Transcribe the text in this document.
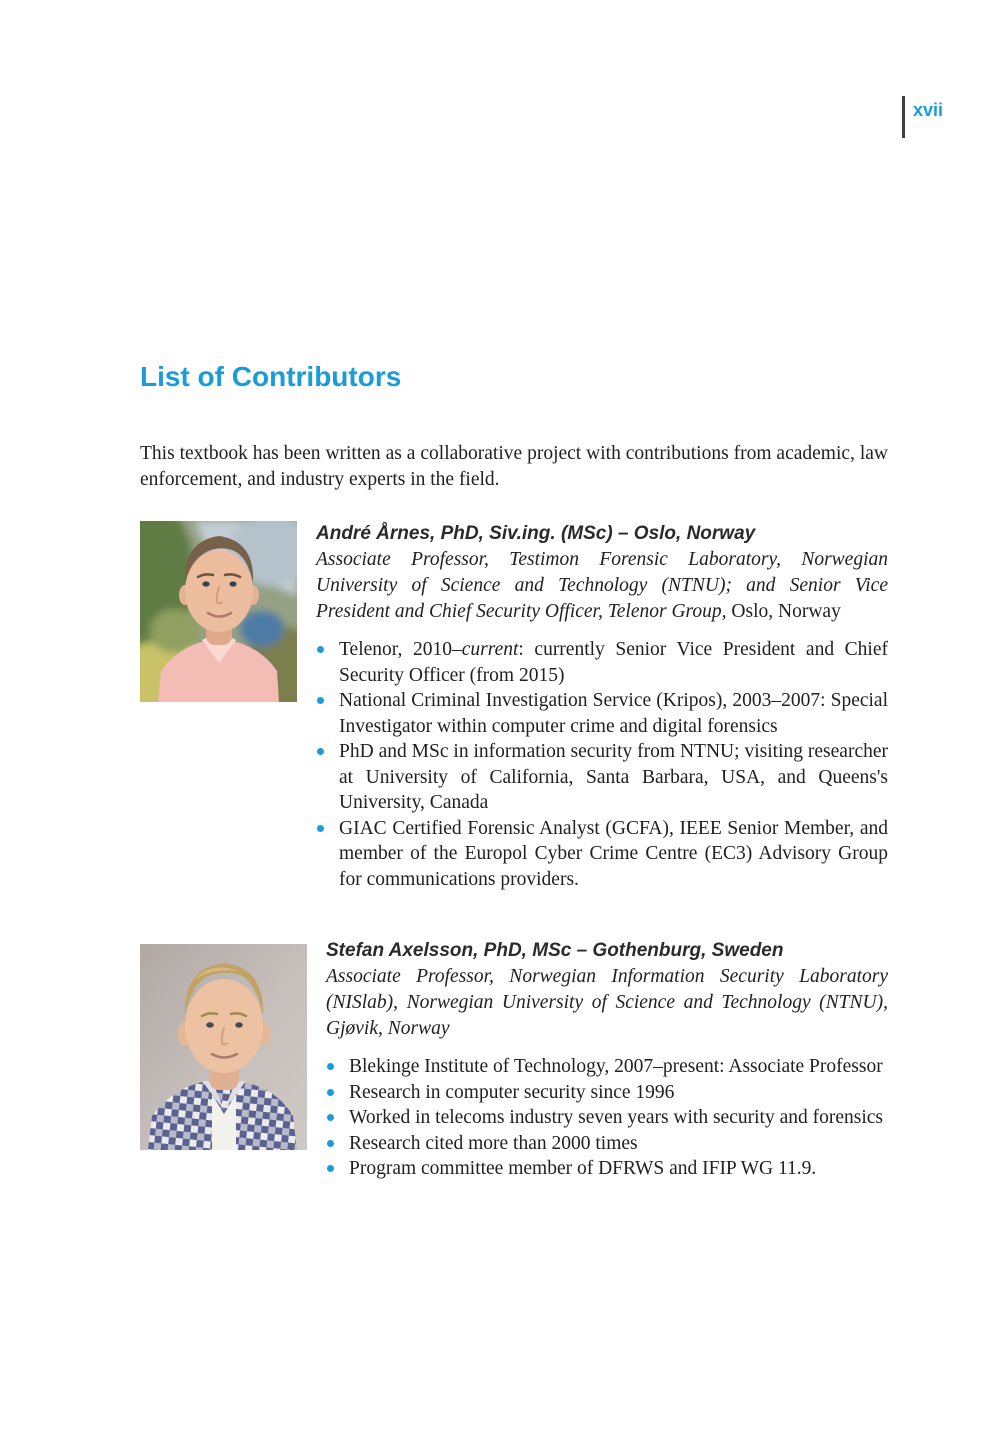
xvii
List of Contributors

This textbook has been written as a collaborative project with contributions from academic, law enforcement, and industry experts in the field.

André Årnes, PhD, Siv.ing. (MSc) – Oslo, Norway

Associate Professor, Testimon Forensic Laboratory, Norwegian University of Science and Technology (NTNU); and Senior Vice President and Chief Security Officer, Telenor Group, Oslo, Norway

Telenor, 2010–current: currently Senior Vice President and Chief Security Officer (from 2015)
National Criminal Investigation Service (Kripos), 2003–2007: Special Investigator within computer crime and digital forensics
PhD and MSc in information security from NTNU; visiting researcher at University of California, Santa Barbara, USA, and Queens's University, Canada
GIAC Certified Forensic Analyst (GCFA), IEEE Senior Member, and member of the Europol Cyber Crime Centre (EC3) Advisory Group for communications providers.

Stefan Axelsson, PhD, MSc – Gothenburg, Sweden

Associate Professor, Norwegian Information Security Laboratory (NISlab), Norwegian University of Science and Technology (NTNU), Gjøvik, Norway

Blekinge Institute of Technology, 2007–present: Associate Professor
Research in computer security since 1996
Worked in telecoms industry seven years with security and forensics
Research cited more than 2000 times
Program committee member of DFRWS and IFIP WG 11.9.
